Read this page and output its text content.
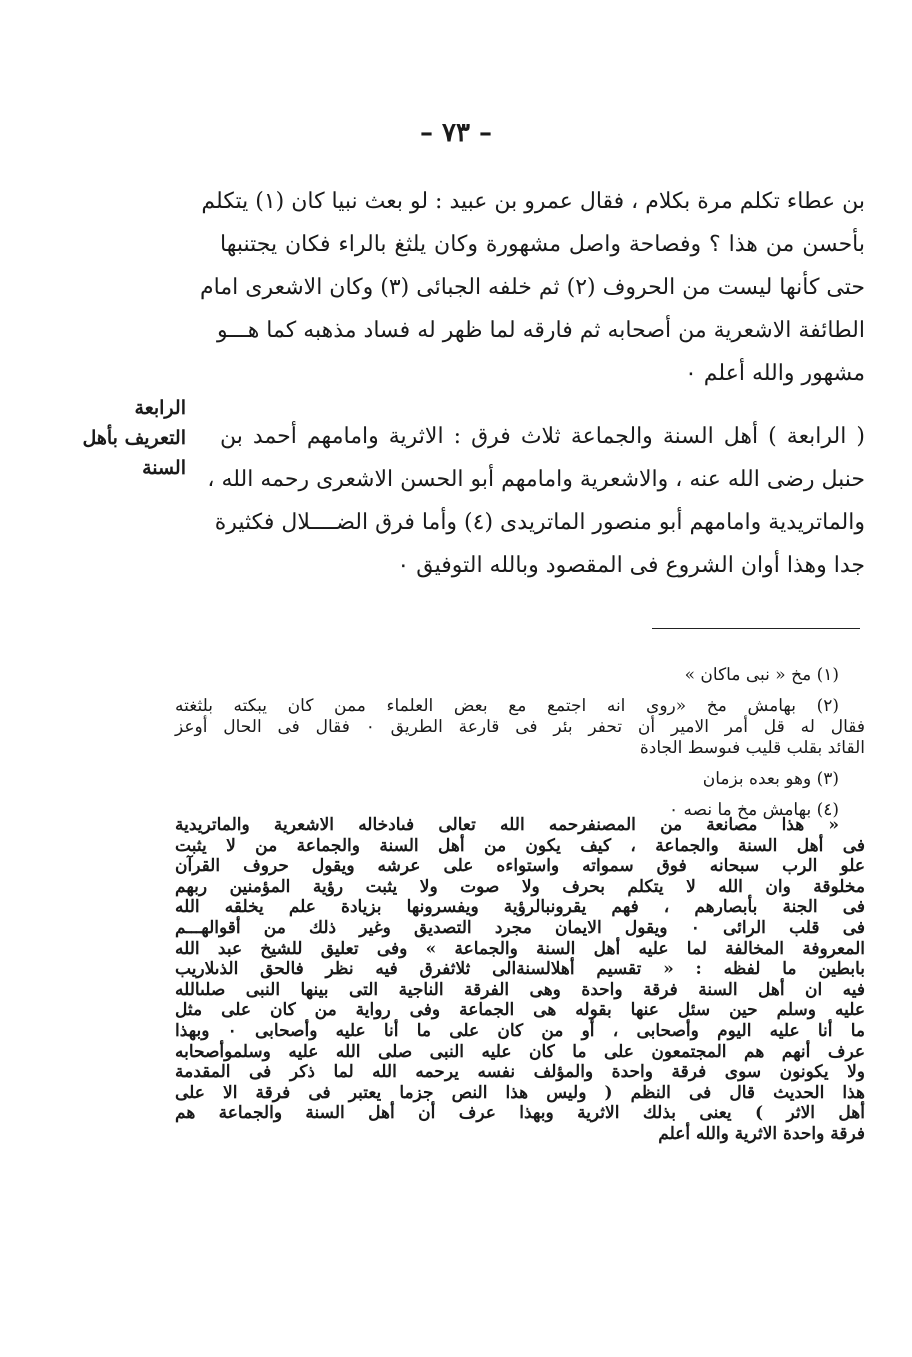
– ٧٣ –

بن عطاء تكلم مرة بكلام ، فقال عمرو بن عبيد : لو بعث نبيا كان (١) يتكلم
بأحسن من هذا ؟ وفصاحة واصل مشهورة وكان يلثغ بالراء فكان يجتنبها
حتى كأنها ليست من الحروف (٢) ثم خلفه الجبائى (٣) وكان الاشعرى امام
الطائفة الاشعرية من أصحابه ثم فارقه لما ظهر له فساد مذهبه كما هـــو
مشهور والله أعلم ٠

( الرابعة ) أهل السنة والجماعة ثلاث فرق : الاثرية وامامهم أحمد بن
حنبل رضى الله عنه ، والاشعرية وامامهم أبو الحسن الاشعرى رحمه الله ،
والماتريدية وامامهم أبو منصور الماتريدى (٤) وأما فرق الضــــلال فكثيرة
جدا وهذا أوان الشروع فى المقصود وبالله التوفيق ٠

الرابعة
التعريف بأهل
السنة
(١) مخ « نبى ماكان »
(٢) بهامش مخ «روى انه اجتمع مع بعض العلماء ممن كان يبكته بلثغته
فقال له قل أمر الامير أن تحفر بئر فى قارعة الطريق ٠ فقال فى الحال أوعز
القائد بقلب قليب فىوسط الجادة
(٣) وهو بعده بزمان
(٤) بهامش مخ ما نصه ٠
« هذا مصانعة من المصنفرحمه الله تعالى فىادخاله الاشعرية والماتريدية
فى أهل السنة والجماعة ، كيف يكون من أهل السنة والجماعة من لا يثبت
علو الرب سبحانه فوق سمواته واستواءه على عرشه ويقول حروف القرآن
مخلوقة وان الله لا يتكلم بحرف ولا صوت ولا يثبت رؤية المؤمنين ربهم
فى الجنة بأبصارهم ، فهم يقرونبالرؤية ويفسرونها بزيادة علم يخلقه الله
فى قلب الرائى ٠ ويقول الايمان مجرد التصديق وغير ذلك من أقوالهـــم
المعروفة المخالفة لما عليه أهل السنة والجماعة » وفى تعليق للشيخ عبد الله
بابطين ما لفظه : « تقسيم أهلالسنةالى ثلاثفرق فيه نظر فالحق الذىلاريب
فيه ان أهل السنة فرقة واحدة وهى الفرقة الناجية التى بينها النبى صلىالله
عليه وسلم حين سئل عنها بقوله هى الجماعة وفى رواية من كان على مثل
ما أنا عليه اليوم وأصحابى ، أو من كان على ما أنا عليه وأصحابى ٠ وبهذا
عرف أنهم هم المجتمعون على ما كان عليه النبى صلى الله عليه وسلموأصحابه
ولا يكونون سوى فرقة واحدة والمؤلف نفسه يرحمه الله لما ذكر فى المقدمة
هذا الحديث قال فى النظم ( وليس هذا النص جزما يعتبر فى فرقة الا على
أهل الاثر ) يعنى بذلك الاثرية وبهذا عرف أن أهل السنة والجماعة هم
فرقة واحدة الاثرية والله أعلم
